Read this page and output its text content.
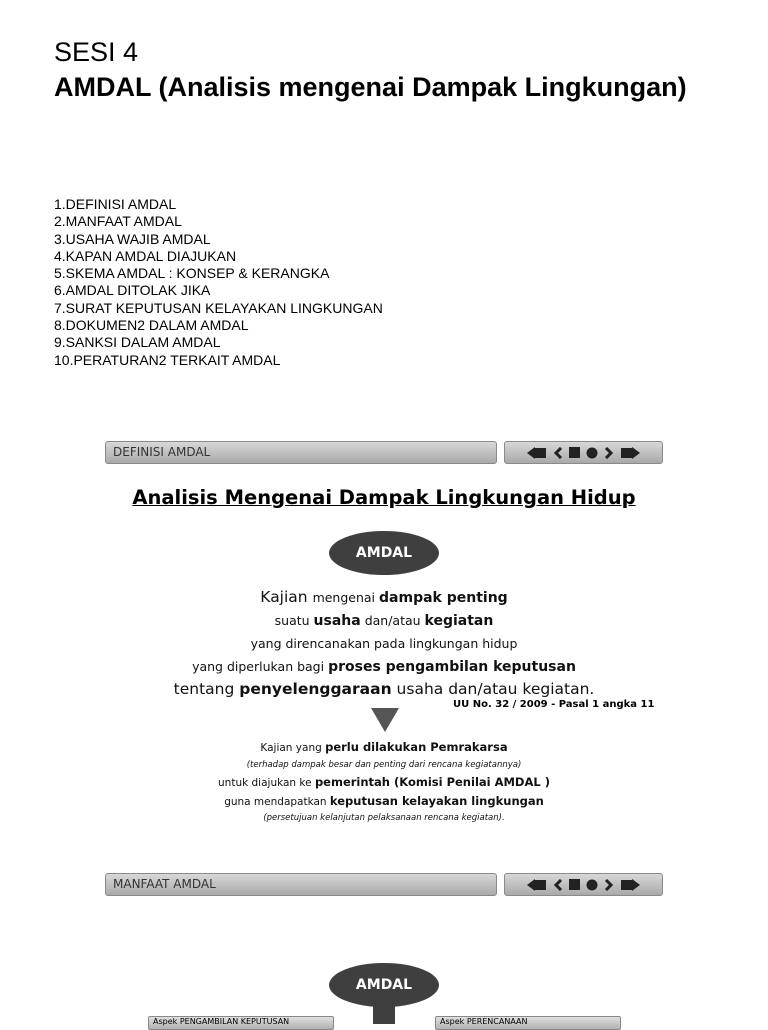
SESI 4
AMDAL (Analisis mengenai Dampak Lingkungan)
1.DEFINISI AMDAL
2.MANFAAT AMDAL
3.USAHA WAJIB AMDAL
4.KAPAN AMDAL DIAJUKAN
5.SKEMA AMDAL : KONSEP & KERANGKA
6.AMDAL DITOLAK JIKA
7.SURAT KEPUTUSAN KELAYAKAN LINGKUNGAN
8.DOKUMEN2 DALAM AMDAL
9.SANKSI DALAM AMDAL
10.PERATURAN2 TERKAIT AMDAL
DEFINISI AMDAL
Analisis Mengenai Dampak Lingkungan Hidup
AMDAL
Kajian mengenai dampak penting
suatu usaha dan/atau kegiatan
yang direncanakan pada lingkungan hidup
yang diperlukan bagi proses pengambilan keputusan
tentang penyelenggaraan usaha dan/atau kegiatan.
UU No. 32 / 2009 - Pasal 1 angka 11
Kajian yang perlu dilakukan Pemrakarsa
(terhadap dampak besar dan penting dari rencana kegiatannya)
untuk diajukan ke pemerintah (Komisi Penilai AMDAL )
guna mendapatkan keputusan kelayakan lingkungan
(persetujuan kelanjutan pelaksanaan rencana kegiatan).
MANFAAT AMDAL
AMDAL
Aspek PENGAMBILAN KEPUTUSAN	Aspek PERENCANAAN
